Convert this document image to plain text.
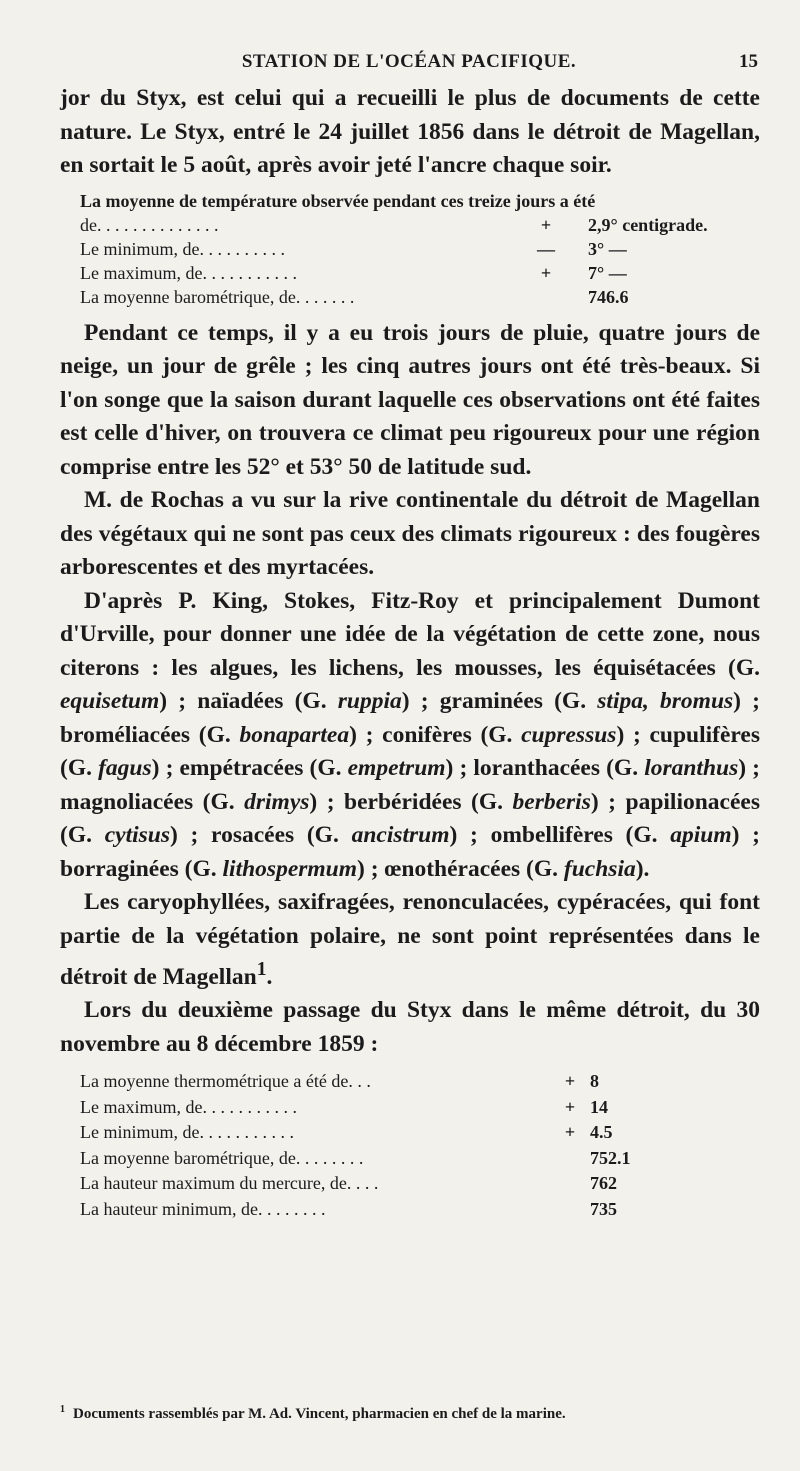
STATION DE L'OCÉAN PACIFIQUE.	15

jor du Styx, est celui qui a recueilli le plus de documents de cette nature. Le Styx, entré le 24 juillet 1856 dans le détroit de Magellan, en sortait le 5 août, après avoir jeté l'ancre chaque soir.

La moyenne de température observée pendant ces treize jours a été
de. . . . . . . . . . . . . .	+ 2,9° centigrade.
Le minimum, de. . . . . . . . . .	— 3° —
Le maximum, de. . . . . . . . . . .	+ 7° —
La moyenne barométrique, de. . . . . . .	746.6

Pendant ce temps, il y a eu trois jours de pluie, quatre jours de neige, un jour de grêle ; les cinq autres jours ont été très-beaux. Si l'on songe que la saison durant laquelle ces observations ont été faites est celle d'hiver, on trouvera ce climat peu rigoureux pour une région comprise entre les 52° et 53° 50 de latitude sud.

M. de Rochas a vu sur la rive continentale du détroit de Magellan des végétaux qui ne sont pas ceux des climats rigoureux : des fougères arborescentes et des myrtacées.

D'après P. King, Stokes, Fitz-Roy et principalement Dumont d'Urville, pour donner une idée de la végétation de cette zone, nous citerons : les algues, les lichens, les mousses, les équisétacées (G. equisetum) ; naïadées (G. ruppia) ; graminées (G. stipa, bromus) ; broméliacées (G. bonapartea) ; conifères (G. cupressus) ; cupulifères (G. fagus) ; empétracées (G. empetrum) ; loranthacées (G. loranthus) ; magnoliacées (G. drimys) ; berbéridées (G. berberis) ; papilionacées (G. cytisus) ; rosacées (G. ancistrum) ; ombellifères (G. apium) ; borraginées (G. lithospermum) ; œnothéracées (G. fuchsia).

Les caryophyllées, saxifragées, renonculacées, cypéracées, qui font partie de la végétation polaire, ne sont point représentées dans le détroit de Magellan$^1$.

Lors du deuxième passage du Styx dans le même détroit, du 30 novembre au 8 décembre 1859 :

La moyenne thermométrique a été de. . .	+ 8
Le maximum, de. . . . . . . . . . .	+ 14
Le minimum, de. . . . . . . . . . .	+ 4.5
La moyenne barométrique, de. . . . . . . .	752.1
La hauteur maximum du mercure, de. . . .	762
La hauteur minimum, de. . . . . . . .	735
$^1$ Documents rassemblés par M. Ad. Vincent, pharmacien en chef de la marine.
